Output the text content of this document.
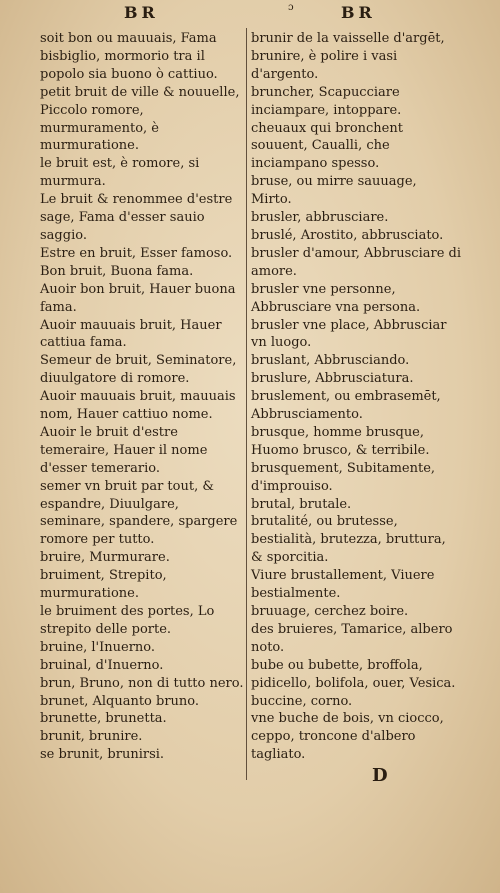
BR	ɔ	BR
soit bon ou mauuais, Fama bisbiglio, mormorio tra il popolo sia buono ò cattiuo.
petit bruit de ville & nouuelle, Piccolo romore, murmuramento, è murmuratione.
le bruit est, è romore, si murmura.
Le bruit & renommee d'estre sage, Fama d'esser sauio saggio.
Estre en bruit, Esser famoso.
Bon bruit, Buona fama.
Auoir bon bruit, Hauer buona fama.
Auoir mauuais bruit, Hauer cattiua fama.
Semeur de bruit, Seminatore, diuulgatore di romore.
Auoir mauuais bruit, mauuais nom, Hauer cattiuo nome.
Auoir le bruit d'estre temeraire, Hauer il nome d'esser temerario.
semer vn bruit par tout, & espandre, Diuulgare, seminare, spandere, spargere romore per tutto.
bruire, Murmurare.
bruiment, Strepito, murmuratione.
le bruiment des portes, Lo strepito delle porte.
bruine, l'Inuerno.
bruinal, d'Inuerno.
brun, Bruno, non di tutto nero.
brunet, Alquanto bruno.
brunette, brunetta.
brunit, brunire.
se brunit, brunirsi.
brunir de la vaisselle d'argēt, brunire, è polire i vasi d'argento.
bruncher, Scapucciare inciampare, intoppare.
cheuaux qui bronchent souuent, Caualli, che inciampano spesso.
bruse, ou mirre sauuage, Mirto.
brusler, abbrusciare.
bruslé, Arostito, abbrusciato.
brusler d'amour, Abbrusciare di amore.
brusler vne personne, Abbrusciare vna persona.
brusler vne place, Abbrusciar vn luogo.
bruslant, Abbrusciando.
bruslure, Abbrusciatura.
bruslement, ou embrasemēt, Abbrusciamento.
brusque, homme brusque, Huomo brusco, & terribile.
brusquement, Subitamente, d'improuiso.
brutal, brutale.
brutalité, ou brutesse, bestialità, brutezza, bruttura, & sporcitia.
Viure brustallement, Viuere bestialmente.
bruuage, cerchez boire.
des bruieres, Tamarice, albero noto.
bube ou bubette, broffola, pidicello, bolifola, ouer, Vesica.
buccine, corno.
vne buche de bois, vn ciocco, ceppo, troncone d'albero tagliato.
D
